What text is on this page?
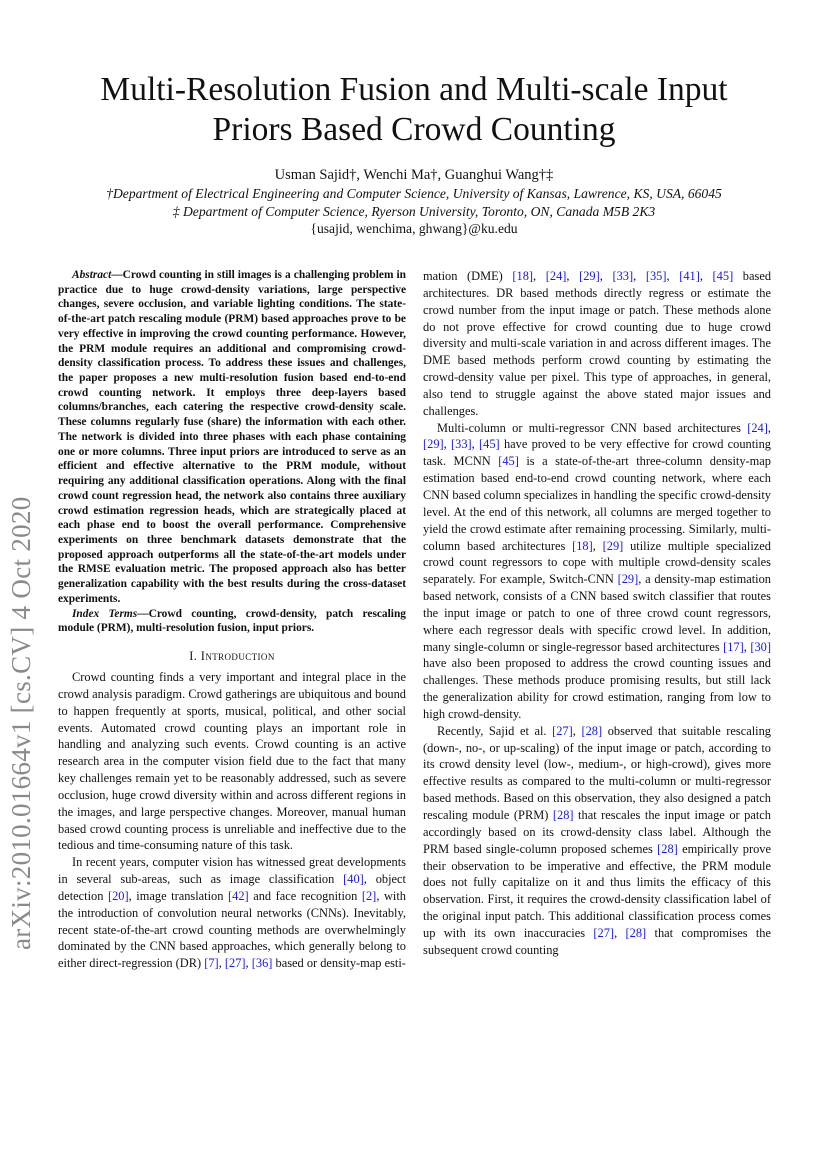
arXiv:2010.01664v1 [cs.CV] 4 Oct 2020
Multi-Resolution Fusion and Multi-scale Input
Priors Based Crowd Counting
Usman Sajid†, Wenchi Ma†, Guanghui Wang†‡
†Department of Electrical Engineering and Computer Science, University of Kansas, Lawrence, KS, USA, 66045
‡ Department of Computer Science, Ryerson University, Toronto, ON, Canada M5B 2K3
{usajid, wenchima, ghwang}@ku.edu

Abstract—Crowd counting in still images is a challenging problem in practice due to huge crowd-density variations, large perspective changes, severe occlusion, and variable lighting conditions. The state-of-the-art patch rescaling module (PRM) based approaches prove to be very effective in improving the crowd counting performance. However, the PRM module requires an additional and compromising crowd-density classification process. To address these issues and challenges, the paper proposes a new multi-resolution fusion based end-to-end crowd counting network. It employs three deep-layers based columns/branches, each catering the respective crowd-density scale. These columns regularly fuse (share) the information with each other. The network is divided into three phases with each phase containing one or more columns. Three input priors are introduced to serve as an efficient and effective alternative to the PRM module, without requiring any additional classification operations. Along with the final crowd count regression head, the network also contains three auxiliary crowd estimation regression heads, which are strategically placed at each phase end to boost the overall performance. Comprehensive experiments on three benchmark datasets demonstrate that the proposed approach outperforms all the state-of-the-art models under the RMSE evaluation metric. The proposed approach also has better generalization capability with the best results during the cross-dataset experiments.

Index Terms—Crowd counting, crowd-density, patch rescaling module (PRM), multi-resolution fusion, input priors.

I. Introduction

Crowd counting finds a very important and integral place in the crowd analysis paradigm. Crowd gatherings are ubiquitous and bound to happen frequently at sports, musical, political, and other social events. Automated crowd counting plays an important role in handling and analyzing such events. Crowd counting is an active research area in the computer vision field due to the fact that many key challenges remain yet to be reasonably addressed, such as severe occlusion, huge crowd diversity within and across different regions in the images, and large perspective changes. Moreover, manual human based crowd counting process is unreliable and ineffective due to the tedious and time-consuming nature of this task.

In recent years, computer vision has witnessed great developments in several sub-areas, such as image classification [40], object detection [20], image translation [42] and face recognition [2], with the introduction of convolution neural networks (CNNs). Inevitably, recent state-of-the-art crowd counting methods are overwhelmingly dominated by the CNN based approaches, which generally belong to either direct-regression (DR) [7], [27], [36] based or density-map esti-

mation (DME) [18], [24], [29], [33], [35], [41], [45] based architectures. DR based methods directly regress or estimate the crowd number from the input image or patch. These methods alone do not prove effective for crowd counting due to huge crowd diversity and multi-scale variation in and across different images. The DME based methods perform crowd counting by estimating the crowd-density value per pixel. This type of approaches, in general, also tend to struggle against the above stated major issues and challenges.

Multi-column or multi-regressor CNN based architectures [24], [29], [33], [45] have proved to be very effective for crowd counting task. MCNN [45] is a state-of-the-art three-column density-map estimation based end-to-end crowd counting network, where each CNN based column specializes in handling the specific crowd-density level. At the end of this network, all columns are merged together to yield the crowd estimate after remaining processing. Similarly, multi-column based architectures [18], [29] utilize multiple specialized crowd count regressors to cope with multiple crowd-density scales separately. For example, Switch-CNN [29], a density-map estimation based network, consists of a CNN based switch classifier that routes the input image or patch to one of three crowd count regressors, where each regressor deals with specific crowd level. In addition, many single-column or single-regressor based architectures [17], [30] have also been proposed to address the crowd counting issues and challenges. These methods produce promising results, but still lack the generalization ability for crowd estimation, ranging from low to high crowd-density.

Recently, Sajid et al. [27], [28] observed that suitable rescaling (down-, no-, or up-scaling) of the input image or patch, according to its crowd density level (low-, medium-, or high-crowd), gives more effective results as compared to the multi-column or multi-regressor based methods. Based on this observation, they also designed a patch rescaling module (PRM) [28] that rescales the input image or patch accordingly based on its crowd-density class label. Although the PRM based single-column proposed schemes [28] empirically prove their observation to be imperative and effective, the PRM module does not fully capitalize on it and thus limits the efficacy of this observation. First, it requires the crowd-density classification label of the original input patch. This additional classification process comes up with its own inaccuracies [27], [28] that compromises the subsequent crowd counting
